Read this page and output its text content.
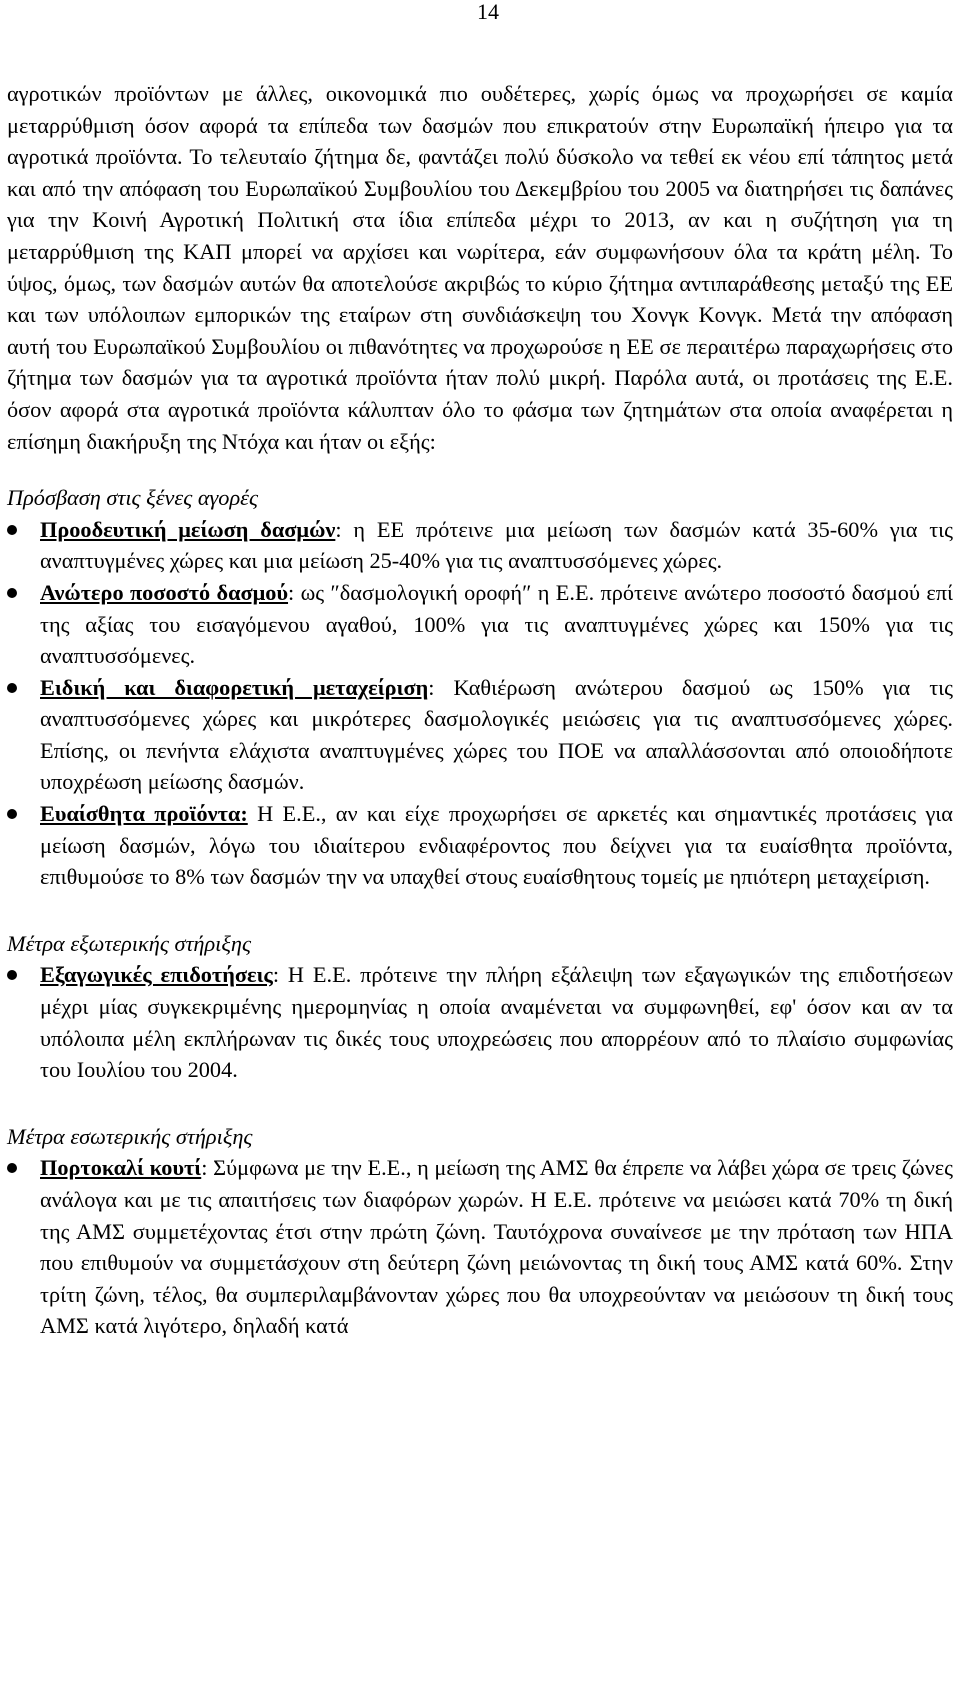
14

αγροτικών προϊόντων με άλλες, οικονομικά πιο ουδέτερες, χωρίς όμως να προχωρήσει σε καμία μεταρρύθμιση όσον αφορά τα επίπεδα των δασμών που επικρατούν στην Ευρωπαϊκή ήπειρο για τα αγροτικά προϊόντα. Το τελευταίο ζήτημα δε, φαντάζει πολύ δύσκολο να τεθεί εκ νέου επί τάπητος μετά και από την απόφαση του Ευρωπαϊκού Συμβουλίου του Δεκεμβρίου του 2005 να διατηρήσει τις δαπάνες για την Κοινή Αγροτική Πολιτική στα ίδια επίπεδα μέχρι το 2013, αν και η συζήτηση για τη μεταρρύθμιση της ΚΑΠ μπορεί να αρχίσει και νωρίτερα, εάν συμφωνήσουν όλα τα κράτη μέλη. Το ύψος, όμως, των δασμών αυτών θα αποτελούσε ακριβώς το κύριο ζήτημα αντιπαράθεσης μεταξύ της ΕΕ και των υπόλοιπων εμπορικών της εταίρων στη συνδιάσκεψη του Χονγκ Κονγκ. Μετά την απόφαση αυτή του Ευρωπαϊκού Συμβουλίου οι πιθανότητες να προχωρούσε η ΕΕ σε περαιτέρω παραχωρήσεις στο ζήτημα των δασμών για τα αγροτικά προϊόντα ήταν πολύ μικρή. Παρόλα αυτά, οι προτάσεις της Ε.Ε. όσον αφορά στα αγροτικά προϊόντα κάλυπταν όλο το φάσμα των ζητημάτων στα οποία αναφέρεται η επίσημη διακήρυξη της Ντόχα και ήταν οι εξής:

Πρόσβαση στις ξένες αγορές
Προοδευτική μείωση δασμών: η ΕΕ πρότεινε μια μείωση των δασμών κατά 35-60% για τις αναπτυγμένες χώρες και μια μείωση 25-40% για τις αναπτυσσόμενες χώρες.
Ανώτερο ποσοστό δασμού: ως ″δασμολογική οροφή″ η Ε.Ε. πρότεινε ανώτερο ποσοστό δασμού επί της αξίας του εισαγόμενου αγαθού, 100% για τις αναπτυγμένες χώρες και 150% για τις αναπτυσσόμενες.
Ειδική και διαφορετική μεταχείριση: Καθιέρωση ανώτερου δασμού ως 150% για τις αναπτυσσόμενες χώρες και μικρότερες δασμολογικές μειώσεις για τις αναπτυσσόμενες χώρες. Επίσης, οι πενήντα ελάχιστα αναπτυγμένες χώρες του ΠΟΕ να απαλλάσσονται από οποιοδήποτε υποχρέωση μείωσης δασμών.
Ευαίσθητα προϊόντα: Η Ε.Ε., αν και είχε προχωρήσει σε αρκετές και σημαντικές προτάσεις για μείωση δασμών, λόγω του ιδιαίτερου ενδιαφέροντος που δείχνει για τα ευαίσθητα προϊόντα, επιθυμούσε το 8% των δασμών την να υπαχθεί στους ευαίσθητους τομείς με ηπιότερη μεταχείριση.
Μέτρα εξωτερικής στήριξης
Εξαγωγικές επιδοτήσεις: Η Ε.Ε. πρότεινε την πλήρη εξάλειψη των εξαγωγικών της επιδοτήσεων μέχρι μίας συγκεκριμένης ημερομηνίας η οποία αναμένεται να συμφωνηθεί, εφ' όσον και αν τα υπόλοιπα μέλη εκπλήρωναν τις δικές τους υποχρεώσεις που απορρέουν από το πλαίσιο συμφωνίας του Ιουλίου του 2004.
Μέτρα εσωτερικής στήριξης
Πορτοκαλί κουτί: Σύμφωνα με την Ε.Ε., η μείωση της ΑΜΣ θα έπρεπε να λάβει χώρα σε τρεις ζώνες ανάλογα και με τις απαιτήσεις των διαφόρων χωρών. Η Ε.Ε. πρότεινε να μειώσει κατά 70% τη δική της ΑΜΣ συμμετέχοντας έτσι στην πρώτη ζώνη. Ταυτόχρονα συναίνεσε με την πρόταση των ΗΠΑ που επιθυμούν να συμμετάσχουν στη δεύτερη ζώνη μειώνοντας τη δική τους ΑΜΣ κατά 60%. Στην τρίτη ζώνη, τέλος, θα συμπεριλαμβάνονταν χώρες που θα υποχρεούνταν να μειώσουν τη δική τους ΑΜΣ κατά λιγότερο, δηλαδή κατά
